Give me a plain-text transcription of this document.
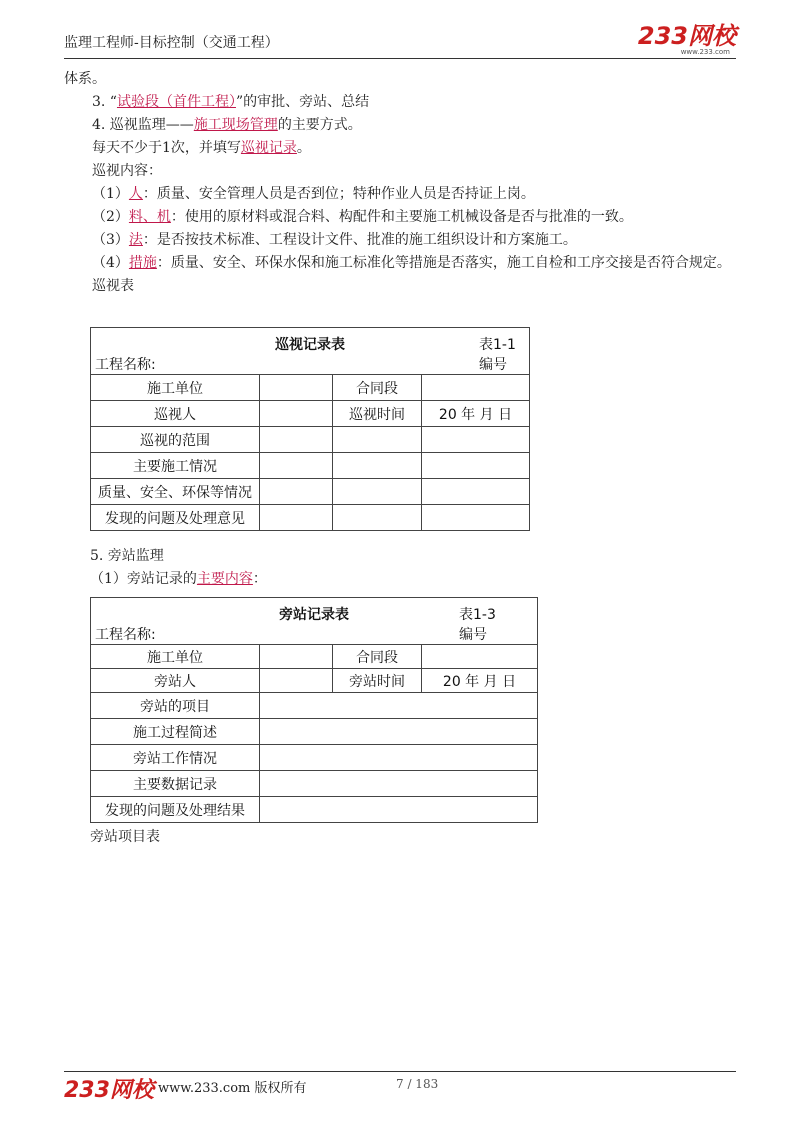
监理工程师-目标控制（交通工程）	233网校
www.233.com

体系。

3. “试验段（首件工程）”的审批、旁站、总结

4. 巡视监理——施工现场管理的主要方式。

每天不少于1次，并填写巡视记录。

巡视内容：

（1）人：质量、安全管理人员是否到位；特种作业人员是否持证上岗。

（2）料、机：使用的原材料或混合料、构配件和主要施工机械设备是否与批准的一致。

（3）法：是否按技术标准、工程设计文件、批准的施工组织设计和方案施工。

（4）措施：质量、安全、环保水保和施工标准化等措施是否落实，施工自检和工序交接是否符合规定。

巡视表

巡视记录表 表1-1
工程名称: 编号			

施工单位		合同段	
巡视人		巡视时间	20 年 月 日
巡视的范围			
主要施工情况			
质量、安全、环保等情况			
发现的问题及处理意见			
5. 旁站监理
（1）旁站记录的主要内容：
旁站记录表 表1-3
工程名称: 编号			

施工单位		合同段	
旁站人		旁站时间	20 年 月 日
旁站的项目			
施工过程简述			
旁站工作情况			
主要数据记录			
发现的问题及处理结果			
旁站项目表
233网校 www.233.com 版权所有	7 / 183
